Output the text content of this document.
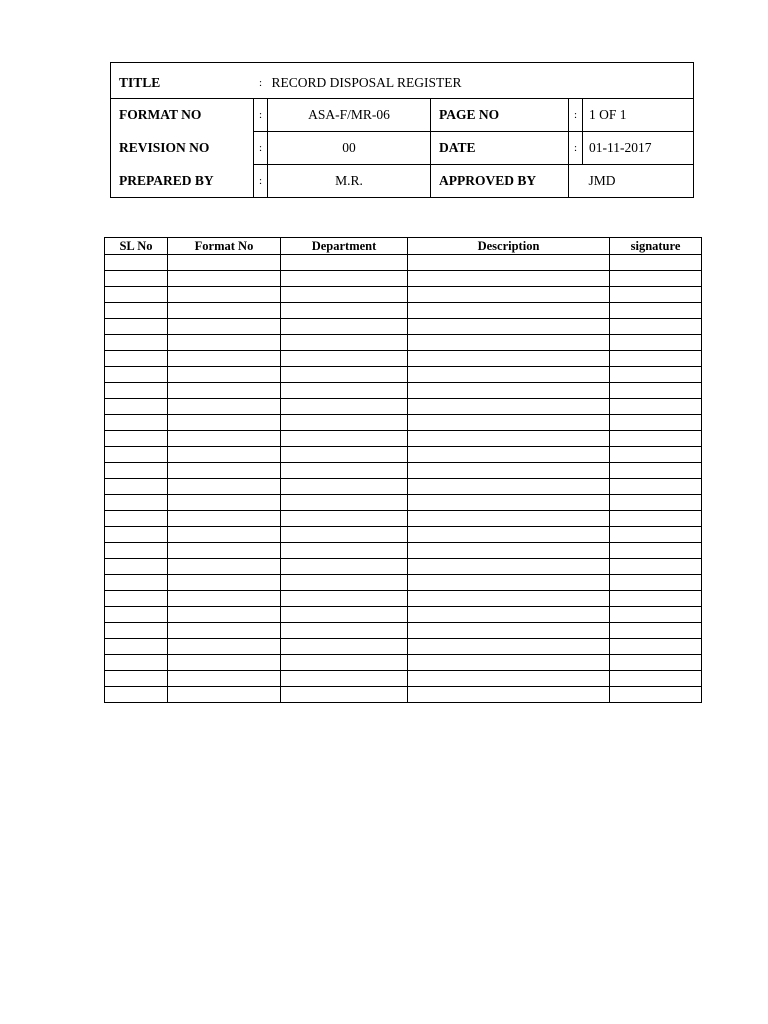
TITLE	:	RECORD DISPOSAL REGISTER			
FORMAT NO	:	ASA-F/MR-06	PAGE NO	:	1 OF 1
REVISION NO	:	00	DATE	:	01-11-2017
PREPARED BY	:	M.R.	APPROVED BY		JMD
SL No	Format No	Department	Description	signature
